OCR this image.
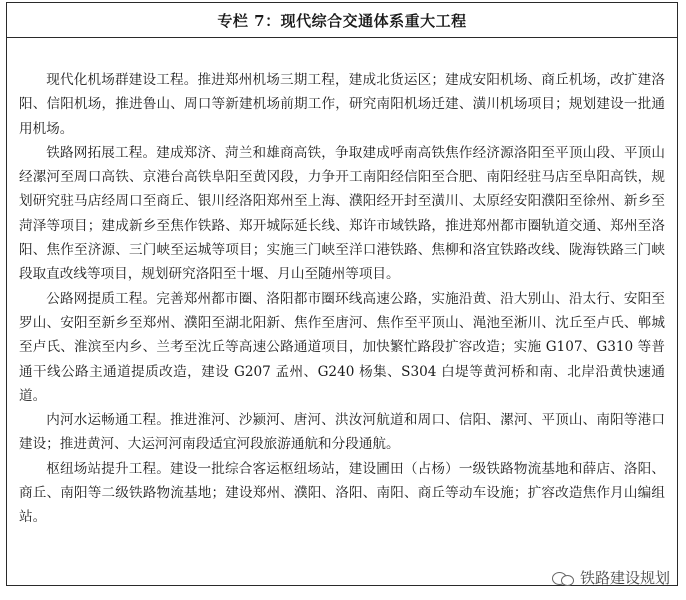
专栏 7：现代综合交通体系重大工程

现代化机场群建设工程。推进郑州机场三期工程，建成北货运区；建成安阳机场、商丘机场，改扩建洛阳、信阳机场，推进鲁山、周口等新建机场前期工作，研究南阳机场迁建、潢川机场项目；规划建设一批通用机场。

铁路网拓展工程。建成郑济、菏兰和雄商高铁，争取建成呼南高铁焦作经济源洛阳至平顶山段、平顶山经漯河至周口高铁、京港台高铁阜阳至黄冈段，力争开工南阳经信阳至合肥、南阳经驻马店至阜阳高铁，规划研究驻马店经周口至商丘、银川经洛阳郑州至上海、濮阳经开封至潢川、太原经安阳濮阳至徐州、新乡至菏泽等项目；建成新乡至焦作铁路、郑开城际延长线、郑许市域铁路，推进郑州都市圈轨道交通、郑州至洛阳、焦作至济源、三门峡至运城等项目；实施三门峡至洋口港铁路、焦柳和洛宜铁路改线、陇海铁路三门峡段取直改线等项目，规划研究洛阳至十堰、月山至随州等项目。

公路网提质工程。完善郑州都市圈、洛阳都市圈环线高速公路，实施沿黄、沿大别山、沿太行、安阳至罗山、安阳至新乡至郑州、濮阳至湖北阳新、焦作至唐河、焦作至平顶山、渑池至淅川、沈丘至卢氏、郸城至卢氏、淮滨至内乡、兰考至沈丘等高速公路通道项目，加快繁忙路段扩容改造；实施 G107、G310 等普通干线公路主通道提质改造，建设 G207 孟州、G240 杨集、S304 白堤等黄河桥和南、北岸沿黄快速通道。

内河水运畅通工程。推进淮河、沙颍河、唐河、洪汝河航道和周口、信阳、漯河、平顶山、南阳等港口建设；推进黄河、大运河河南段适宜河段旅游通航和分段通航。

枢纽场站提升工程。建设一批综合客运枢纽场站，建设圃田（占杨）一级铁路物流基地和薛店、洛阳、商丘、南阳等二级铁路物流基地；建设郑州、濮阳、洛阳、南阳、商丘等动车设施；扩容改造焦作月山编组站。

铁路建设规划
